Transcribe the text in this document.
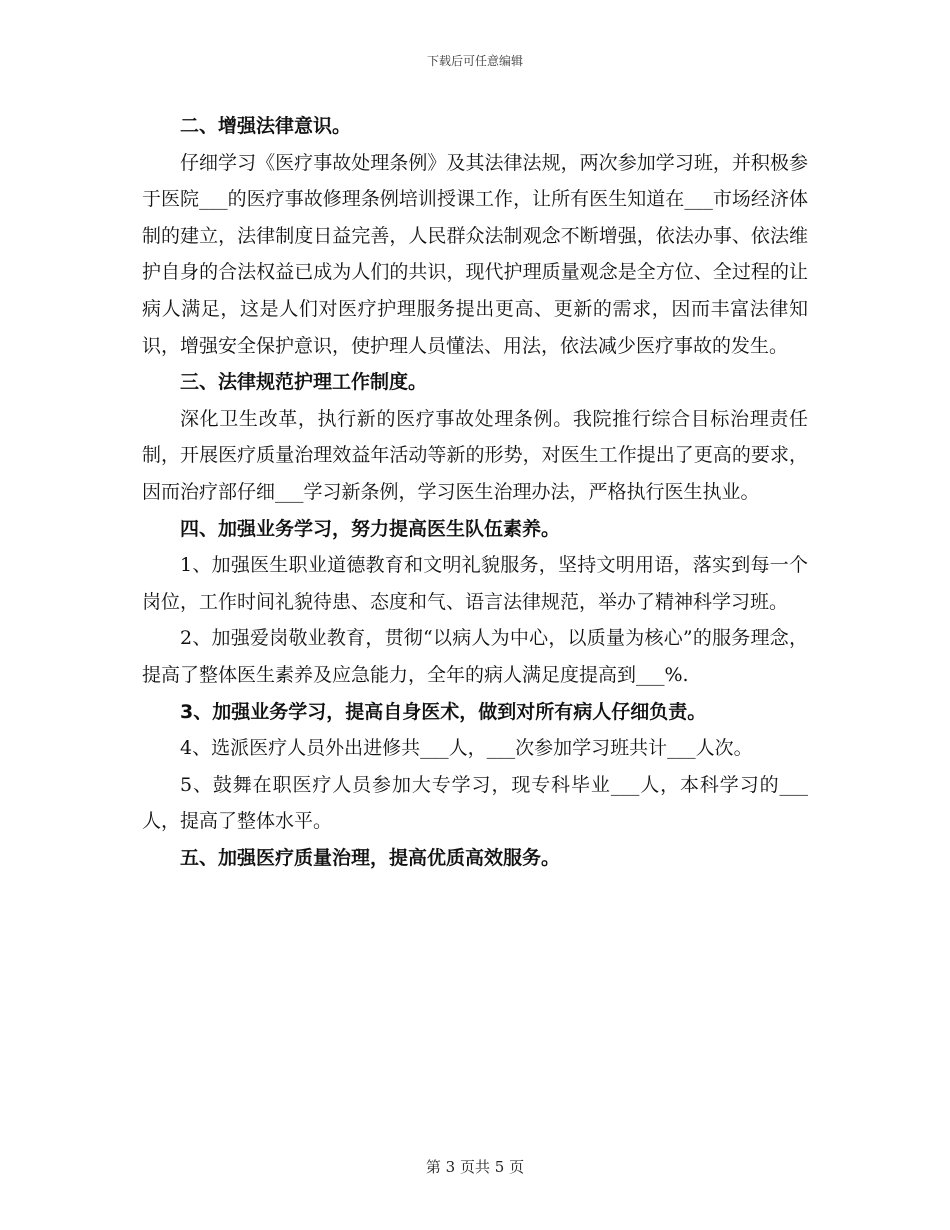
下载后可任意编辑

二、增强法律意识。

仔细学习《医疗事故处理条例》及其法律法规，两次参加学习班，并积极参于医院___的医疗事故修理条例培训授课工作，让所有医生知道在___市场经济体制的建立，法律制度日益完善，人民群众法制观念不断增强，依法办事、依法维护自身的合法权益已成为人们的共识，现代护理质量观念是全方位、全过程的让病人满足，这是人们对医疗护理服务提出更高、更新的需求，因而丰富法律知识，增强安全保护意识，使护理人员懂法、用法，依法减少医疗事故的发生。

三、法律规范护理工作制度。

深化卫生改革，执行新的医疗事故处理条例。我院推行综合目标治理责任制，开展医疗质量治理效益年活动等新的形势，对医生工作提出了更高的要求，因而治疗部仔细___学习新条例，学习医生治理办法，严格执行医生执业。

四、加强业务学习，努力提高医生队伍素养。

1、加强医生职业道德教育和文明礼貌服务，坚持文明用语，落实到每一个岗位，工作时间礼貌待患、态度和气、语言法律规范，举办了精神科学习班。

2、加强爱岗敬业教育，贯彻“以病人为中心，以质量为核心”的服务理念，提高了整体医生素养及应急能力，全年的病人满足度提高到___%.

3、加强业务学习，提高自身医术，做到对所有病人仔细负责。

4、选派医疗人员外出进修共___人，___次参加学习班共计___人次。

5、鼓舞在职医疗人员参加大专学习，现专科毕业___人，本科学习的___人，提高了整体水平。

五、加强医疗质量治理，提高优质高效服务。

第 3 页共 5 页
